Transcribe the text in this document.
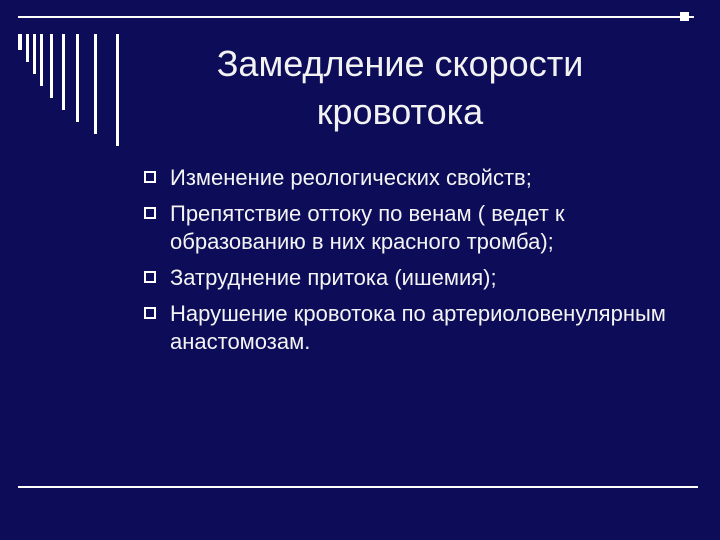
Замедление скорости
кровотока
Изменение реологических свойств;
Препятствие оттоку по венам ( ведет к образованию в них красного тромба);
Затруднение притока (ишемия);
Нарушение кровотока по артериоловенулярным анастомозам.
